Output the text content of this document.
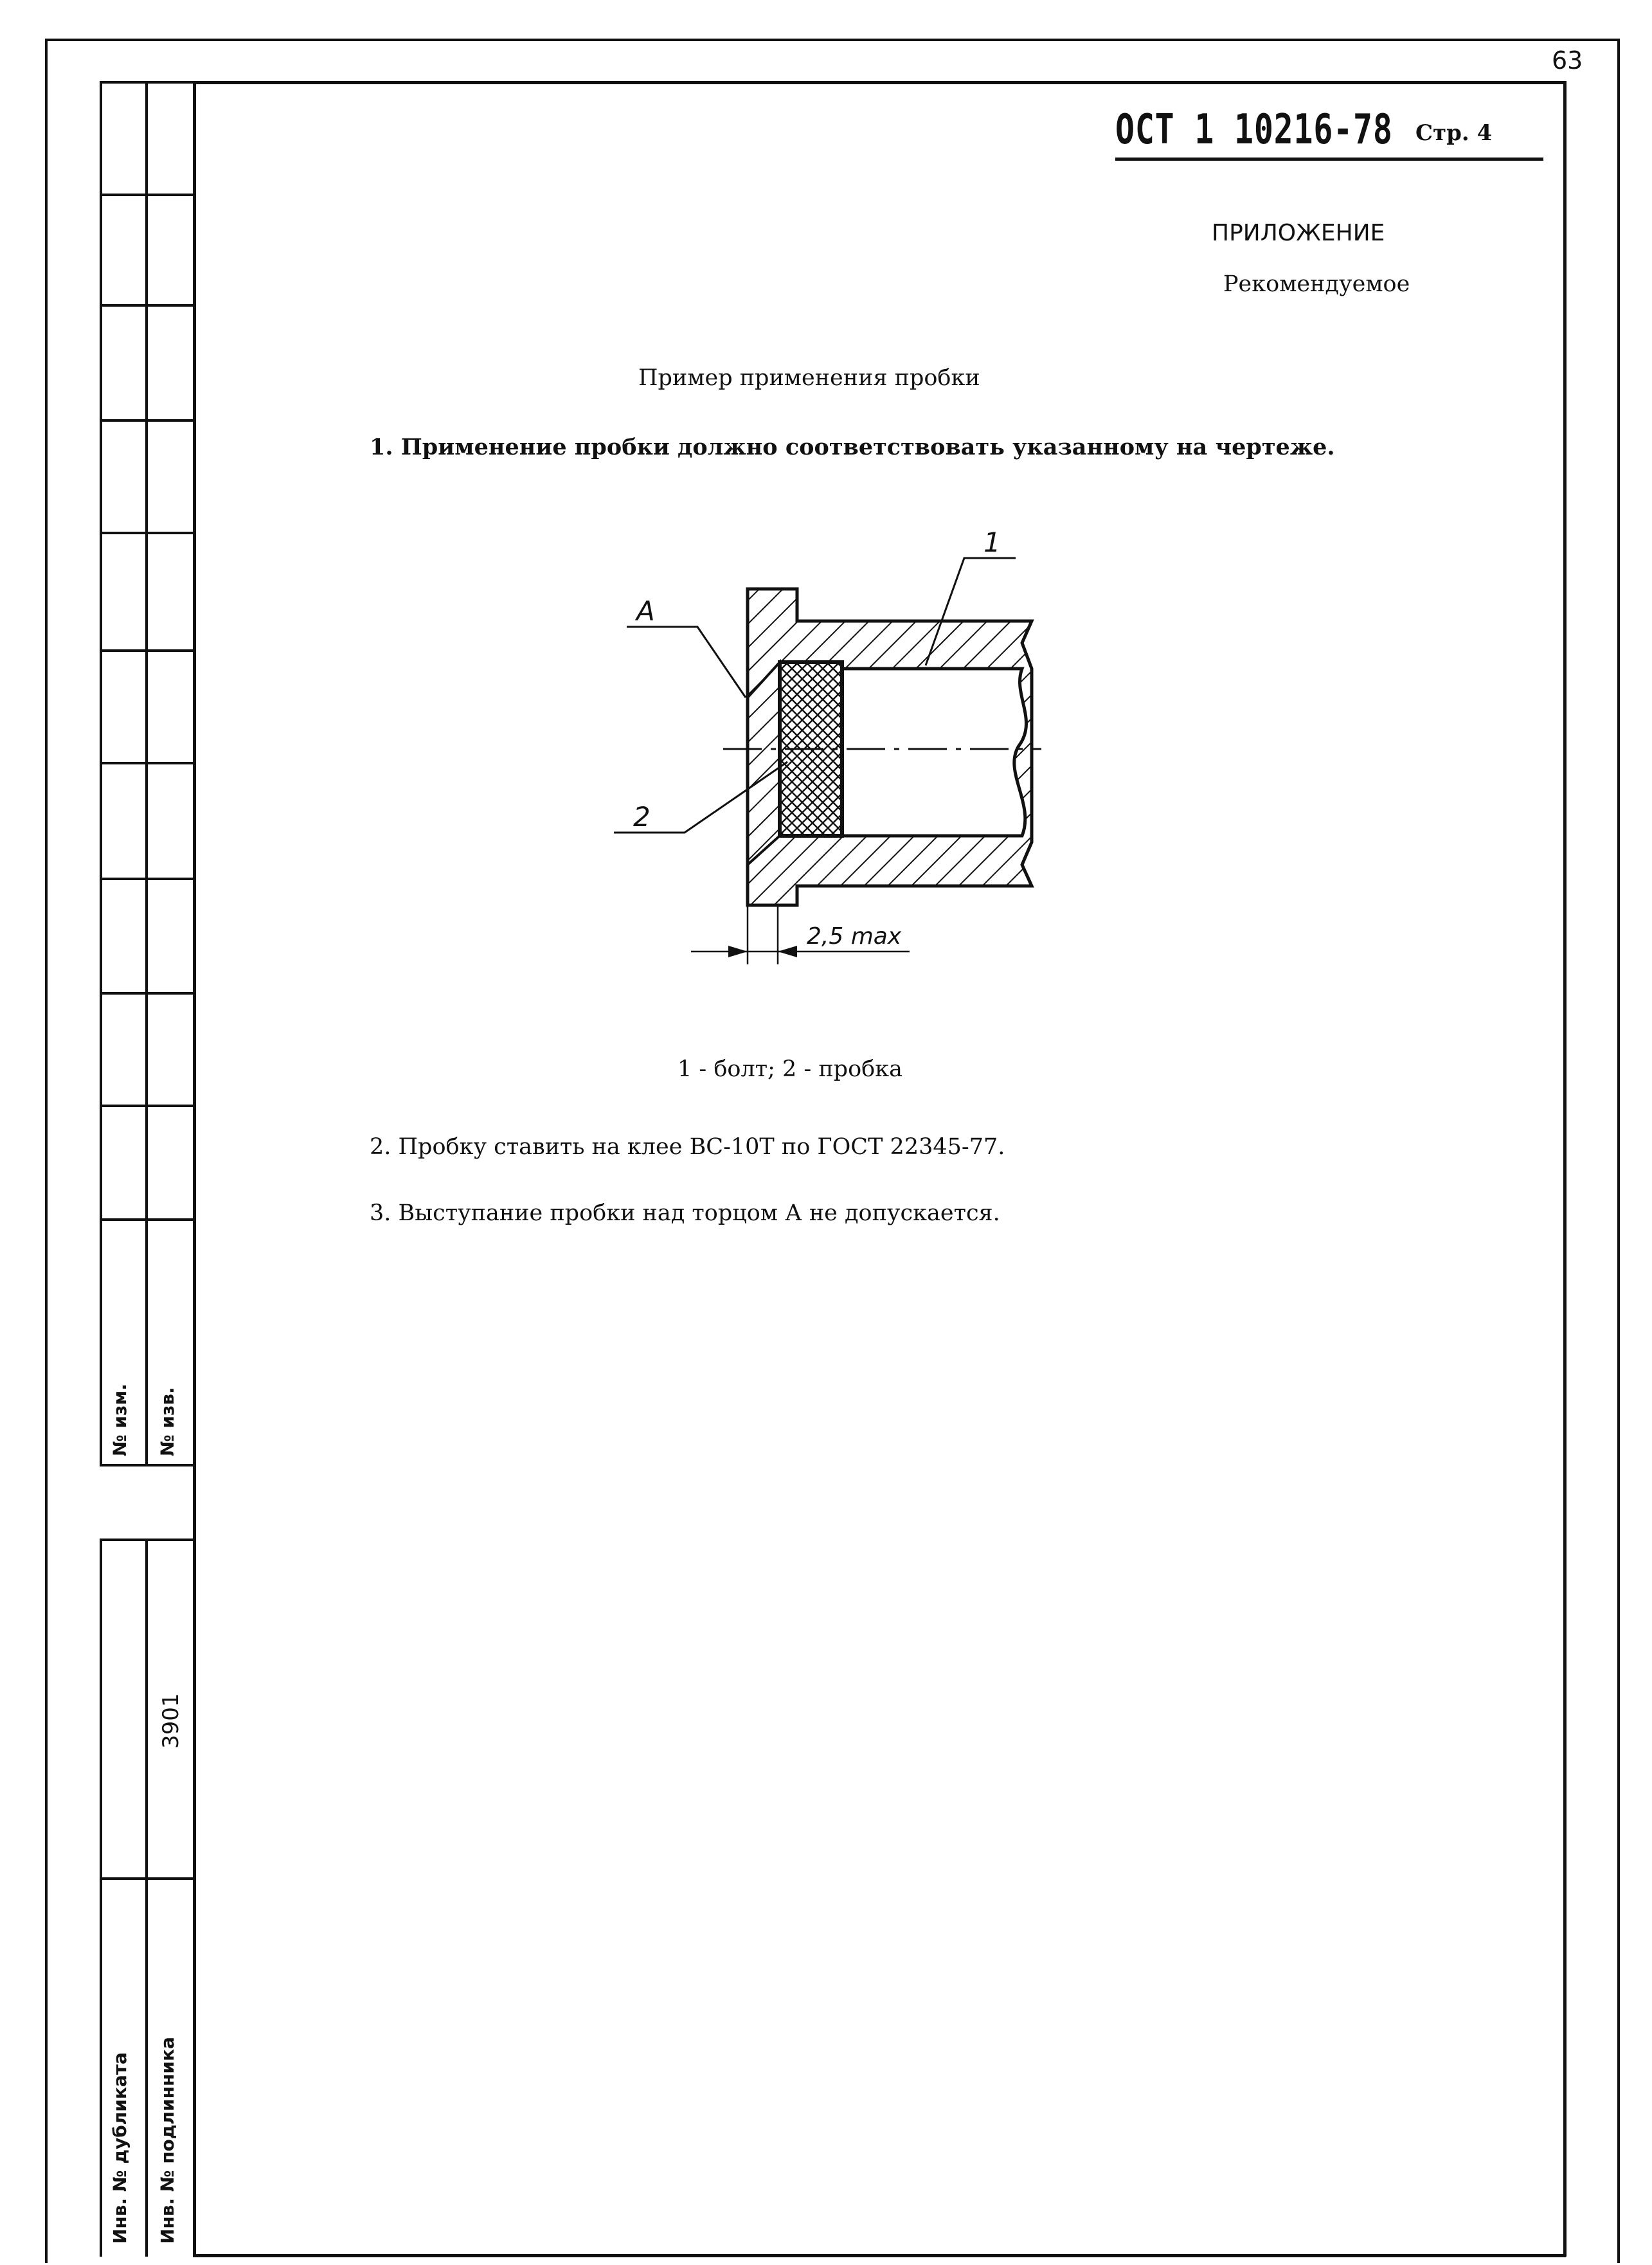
№ изм. № изв.
3901
Инв. № дубликата Инв. № подлинника
63
ОСТ 1 10216-78 Стр. 4
ПРИЛОЖЕНИЕ
Рекомендуемое
Пример применения пробки
1. Применение пробки должно соответствовать указанному на чертеже.
А
1
2
2,5 max
1 - болт; 2 - пробка
2. Пробку ставить на клее ВС-10Т по ГОСТ 22345-77.
3. Выступание пробки над торцом А не допускается.
